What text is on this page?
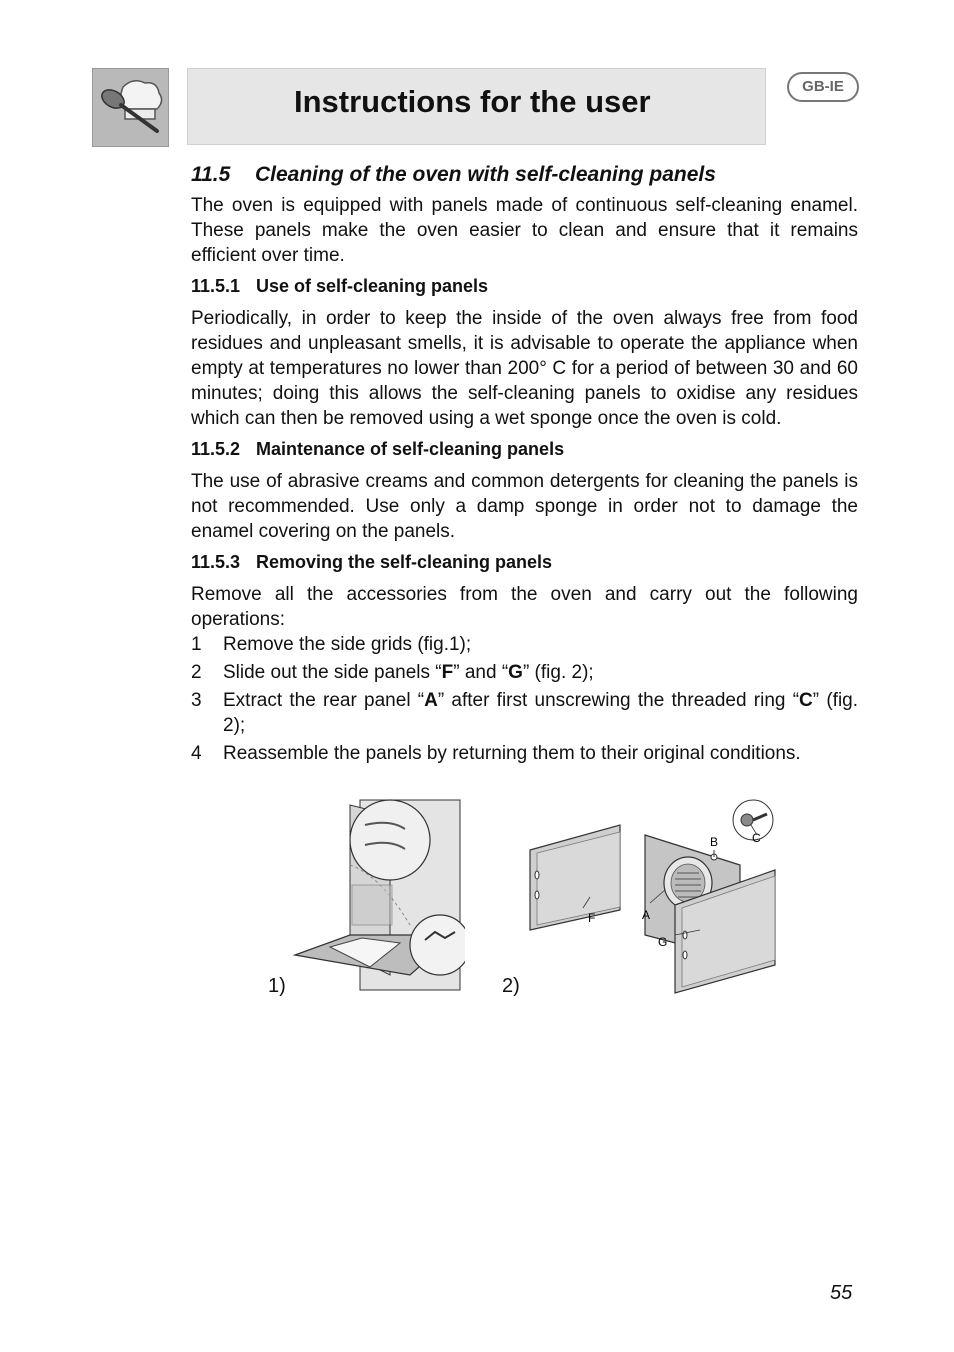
Instructions for the user	GB-IE
11.5 Cleaning of the oven with self-cleaning panels

The oven is equipped with panels made of continuous self-cleaning enamel. These panels make the oven easier to clean and ensure that it remains efficient over time.

11.5.1 Use of self-cleaning panels

Periodically, in order to keep the inside of the oven always free from food residues and unpleasant smells, it is advisable to operate the appliance when empty at temperatures no lower than 200° C for a period of between 30 and 60 minutes; doing this allows the self-cleaning panels to oxidise any residues which can then be removed using a wet sponge once the oven is cold.

11.5.2 Maintenance of self-cleaning panels

The use of abrasive creams and common detergents for cleaning the panels is not recommended. Use only a damp sponge in order not to damage the enamel covering on the panels.

11.5.3 Removing the self-cleaning panels

Remove all the accessories from the oven and carry out the following operations:

1 Remove the side grids (fig.1);
2 Slide out the side panels “F” and “G” (fig. 2);
3 Extract the rear panel “A” after first unscrewing the threaded ring “C” (fig. 2);
4 Reassemble the panels by returning them to their original conditions.
1)
B	C
F	A
G
2)
55
